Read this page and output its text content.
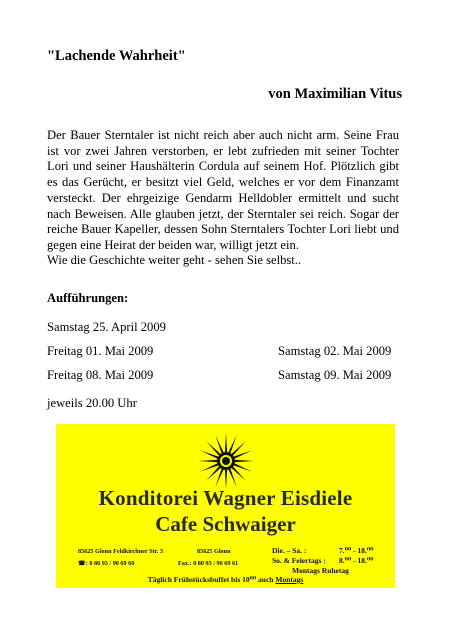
"Lachende Wahrheit"
von Maximilian Vitus

Der Bauer Sterntaler ist nicht reich aber auch nicht arm. Seine Frau ist vor zwei Jahren verstorben, er lebt zufrieden mit seiner Tochter Lori und seiner Haushälterin Cordula auf seinem Hof. Plötzlich gibt es das Gerücht, er besitzt viel Geld, welches er vor dem Finanzamt versteckt. Der ehrgeizige Gendarm Helldobler ermittelt und sucht nach Beweisen. Alle glauben jetzt, der Sterntaler sei reich. Sogar der reiche Bauer Kapeller, dessen Sohn Sterntalers Tochter Lori liebt und gegen eine Heirat der beiden war, willigt jetzt ein.

Wie die Geschichte weiter geht - sehen Sie selbst..

Aufführungen:
Samstag 25. April 2009
Freitag 01. Mai 2009	Samstag 02. Mai 2009
Freitag 08. Mai 2009	Samstag 09. Mai 2009
jeweils 20.00 Uhr
Konditorei Wagner Eisdiele
Cafe Schwaiger
85625 Glonn Feldkirchner Str. 3	85625 Glonn
☎: 0 80 93 / 90 69 60	Fax.: 0 80 93 / 90 69 61
Die. – Sa. :	7.⁰⁰ - 18.⁰⁰
So. & Feiertags : 8.⁰⁰ - 18.⁰⁰
Montags Ruhetag
Täglich Frühstücksbuffet bis 10⁰⁰ auch Montags
